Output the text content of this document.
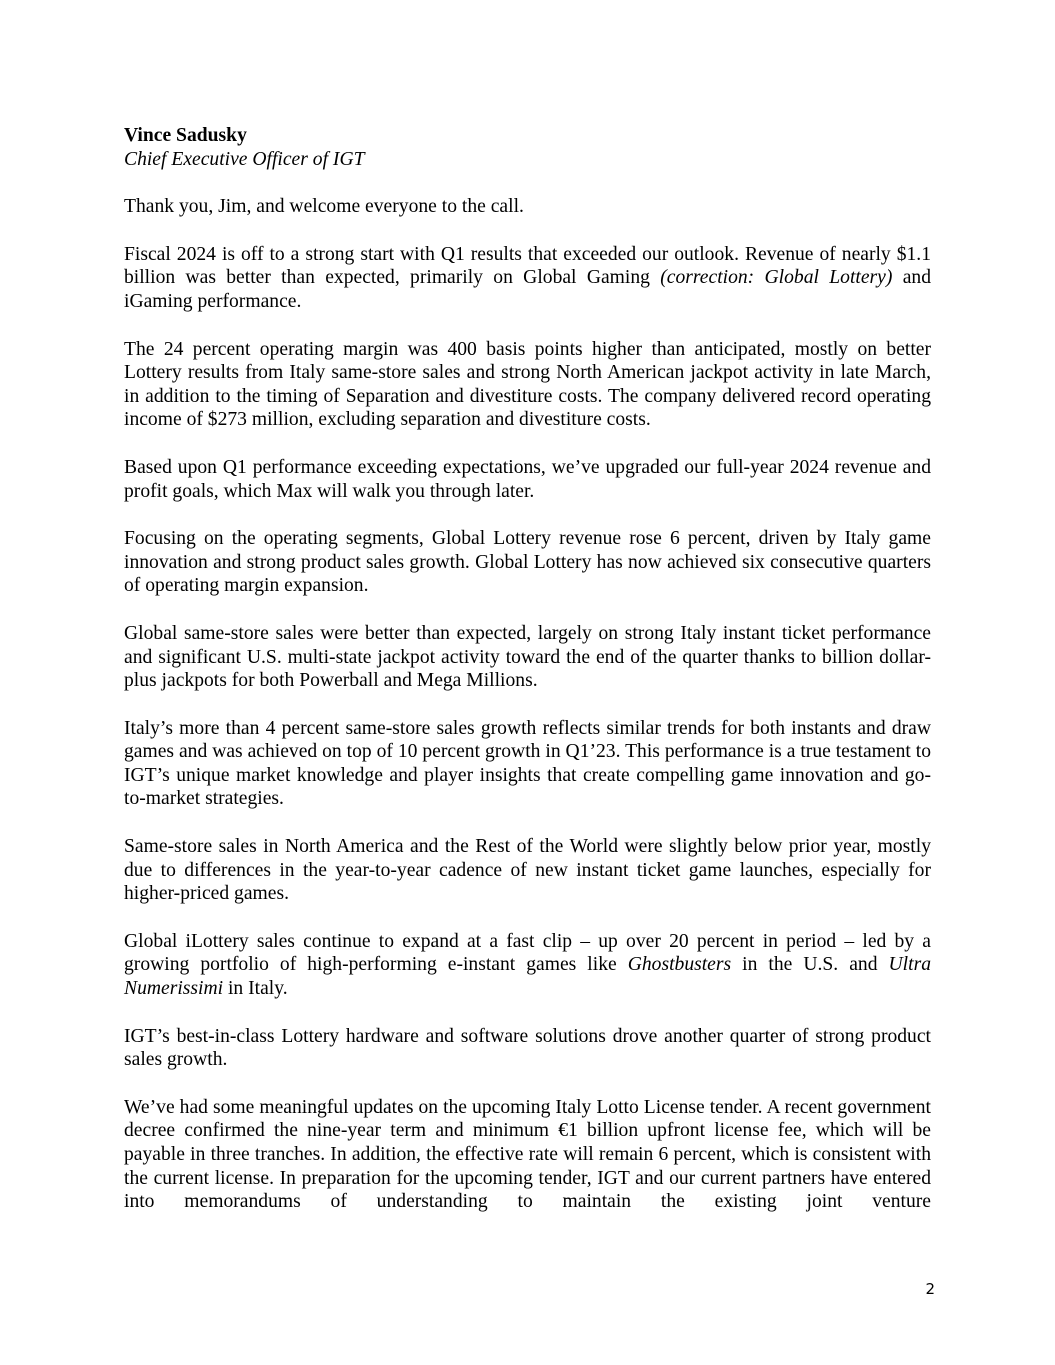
Vince Sadusky
Chief Executive Officer of IGT

Thank you, Jim, and welcome everyone to the call.

Fiscal 2024 is off to a strong start with Q1 results that exceeded our outlook. Revenue of nearly $1.1 billion was better than expected, primarily on Global Gaming (correction: Global Lottery) and iGaming performance.

The 24 percent operating margin was 400 basis points higher than anticipated, mostly on better Lottery results from Italy same-store sales and strong North American jackpot activity in late March, in addition to the timing of Separation and divestiture costs. The company delivered record operating income of $273 million, excluding separation and divestiture costs.

Based upon Q1 performance exceeding expectations, we’ve upgraded our full-year 2024 revenue and profit goals, which Max will walk you through later.

Focusing on the operating segments, Global Lottery revenue rose 6 percent, driven by Italy game innovation and strong product sales growth. Global Lottery has now achieved six consecutive quarters of operating margin expansion.

Global same-store sales were better than expected, largely on strong Italy instant ticket performance and significant U.S. multi-state jackpot activity toward the end of the quarter thanks to billion dollar-plus jackpots for both Powerball and Mega Millions.

Italy’s more than 4 percent same-store sales growth reflects similar trends for both instants and draw games and was achieved on top of 10 percent growth in Q1’23. This performance is a true testament to IGT’s unique market knowledge and player insights that create compelling game innovation and go-to-market strategies.

Same-store sales in North America and the Rest of the World were slightly below prior year, mostly due to differences in the year-to-year cadence of new instant ticket game launches, especially for higher-priced games.

Global iLottery sales continue to expand at a fast clip – up over 20 percent in period – led by a growing portfolio of high-performing e-instant games like Ghostbusters in the U.S. and Ultra Numerissimi in Italy.

IGT’s best-in-class Lottery hardware and software solutions drove another quarter of strong product sales growth.

We’ve had some meaningful updates on the upcoming Italy Lotto License tender. A recent government decree confirmed the nine-year term and minimum €1 billion upfront license fee, which will be payable in three tranches. In addition, the effective rate will remain 6 percent, which is consistent with the current license. In preparation for the upcoming tender, IGT and our current partners have entered into memorandums of understanding to maintain the existing joint venture

2
